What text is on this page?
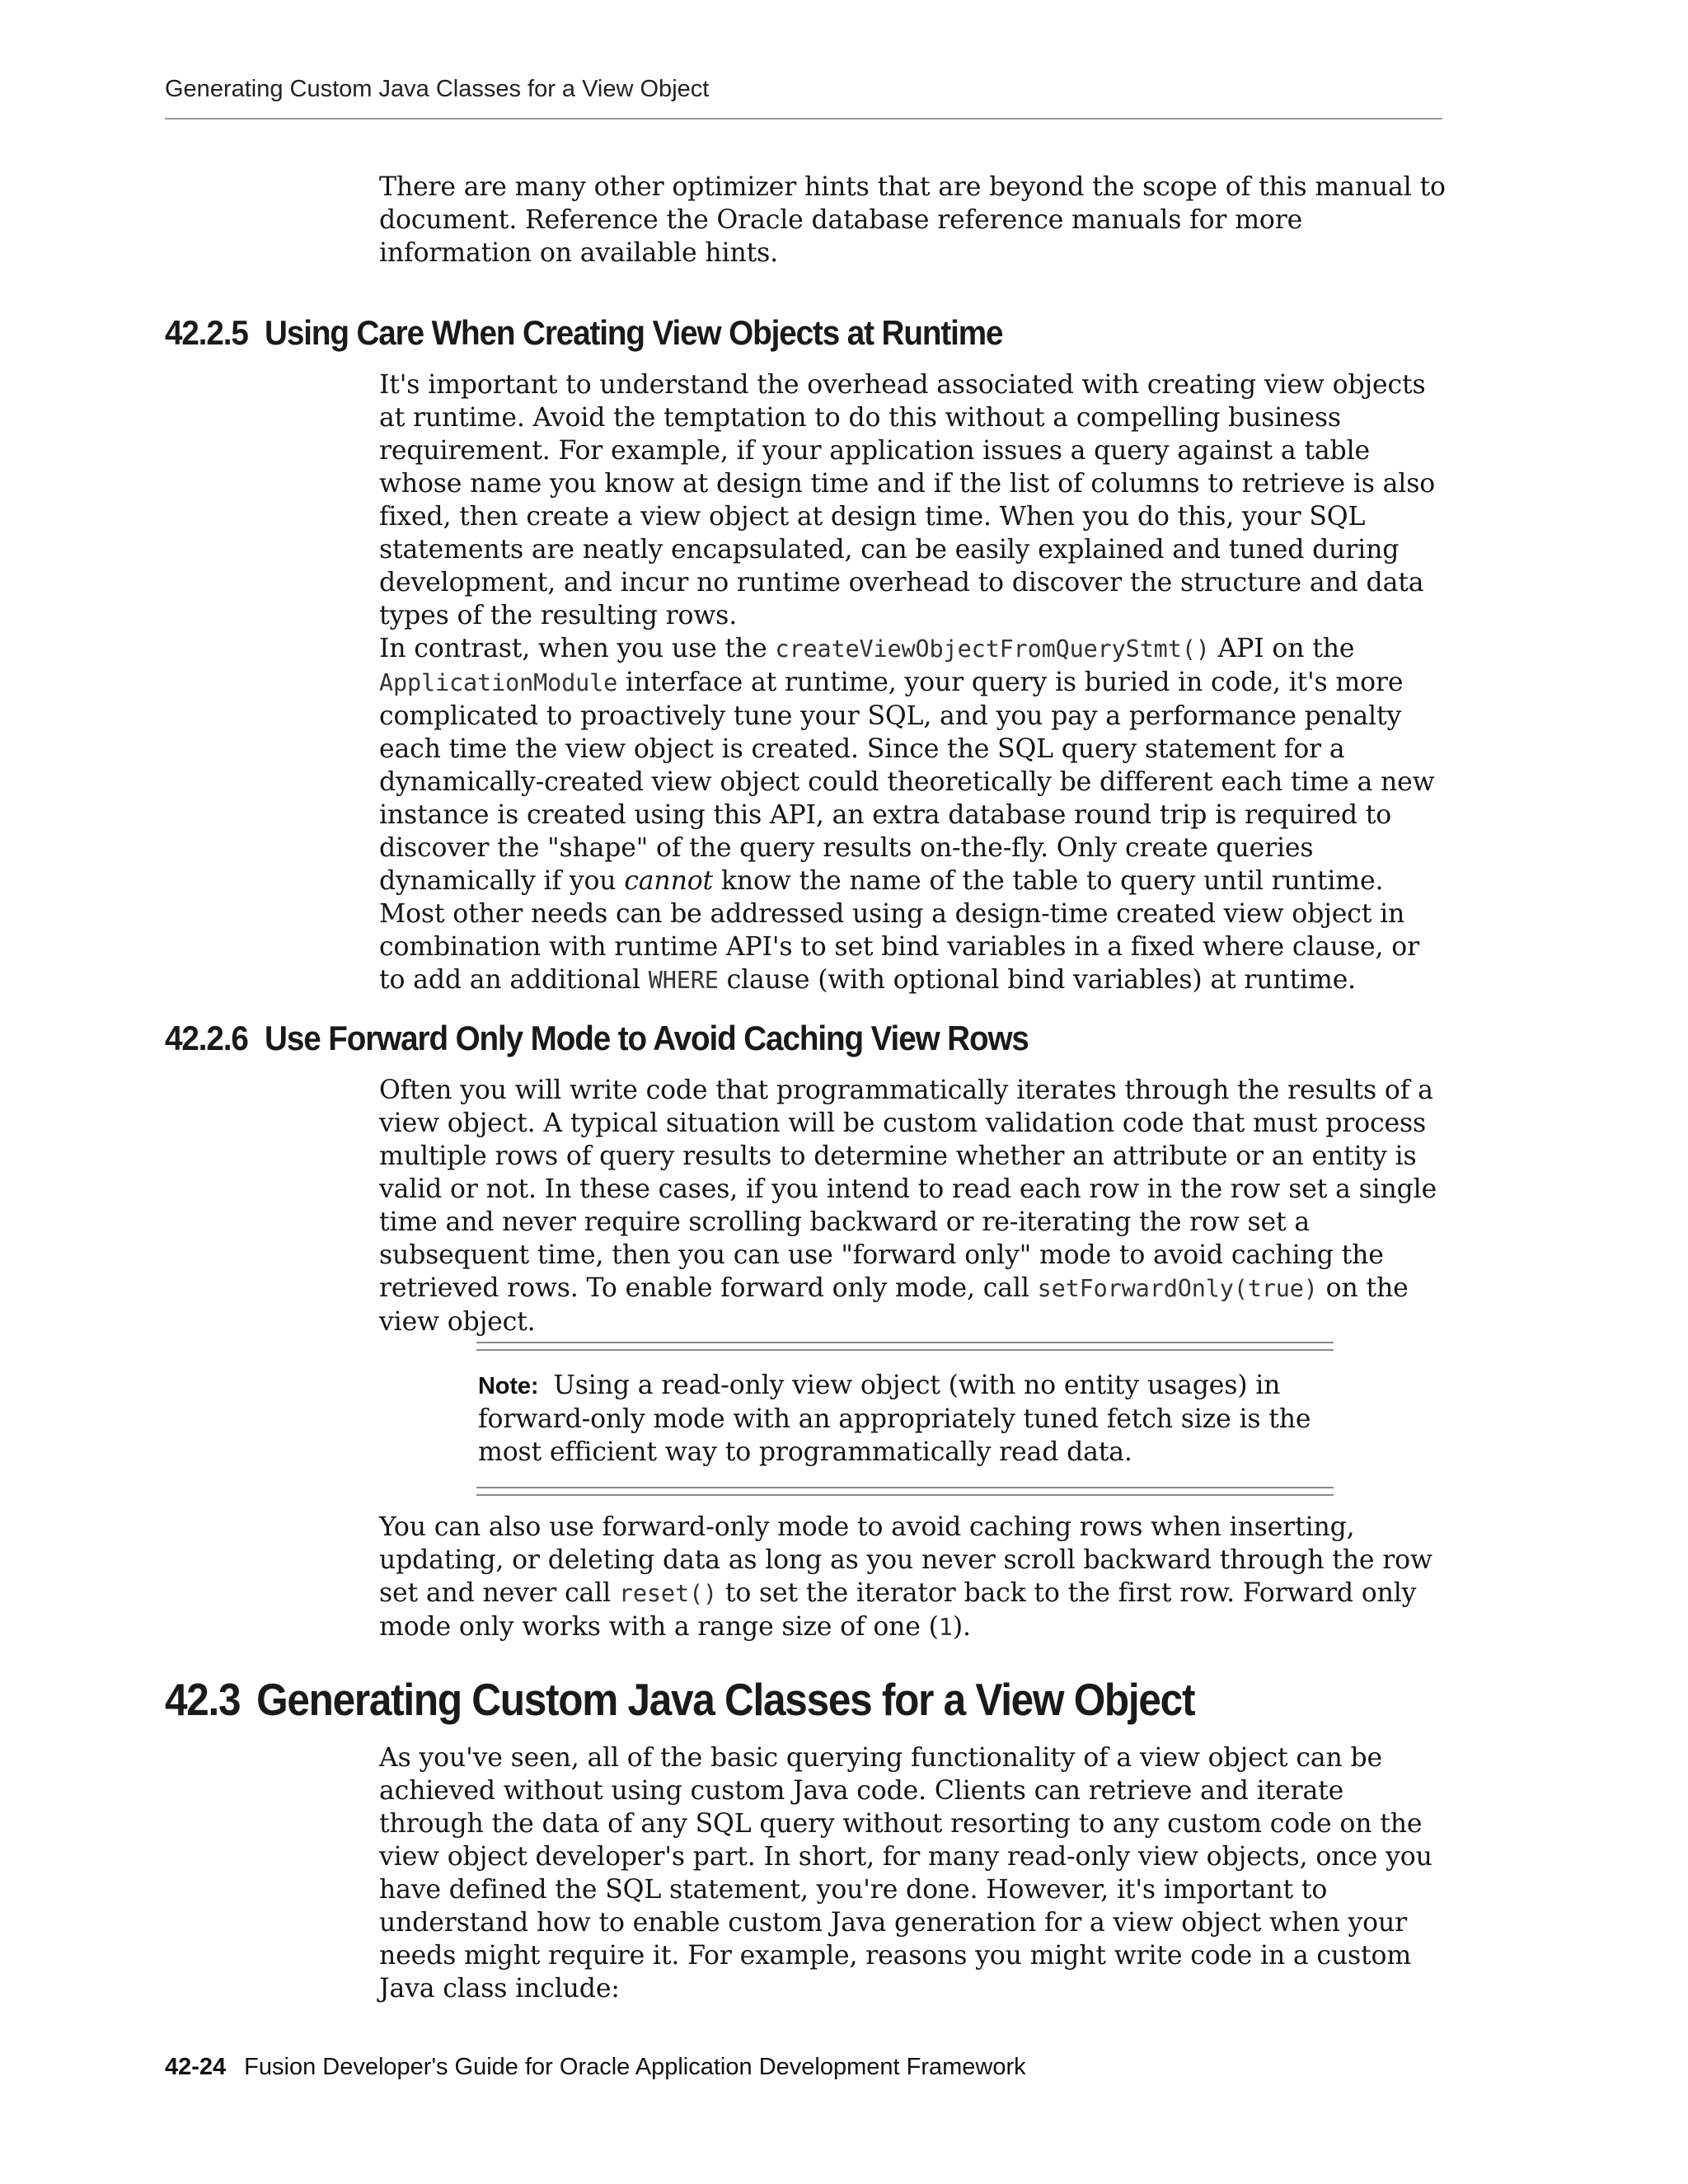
Generating Custom Java Classes for a View Object

There are many other optimizer hints that are beyond the scope of this manual to document. Reference the Oracle database reference manuals for more information on available hints.

42.2.5 Using Care When Creating View Objects at Runtime

It's important to understand the overhead associated with creating view objects at runtime. Avoid the temptation to do this without a compelling business requirement. For example, if your application issues a query against a table whose name you know at design time and if the list of columns to retrieve is also fixed, then create a view object at design time. When you do this, your SQL statements are neatly encapsulated, can be easily explained and tuned during development, and incur no runtime overhead to discover the structure and data types of the resulting rows.

In contrast, when you use the createViewObjectFromQueryStmt() API on the ApplicationModule interface at runtime, your query is buried in code, it's more complicated to proactively tune your SQL, and you pay a performance penalty each time the view object is created. Since the SQL query statement for a dynamically-created view object could theoretically be different each time a new instance is created using this API, an extra database round trip is required to discover the "shape" of the query results on-the-fly. Only create queries dynamically if you cannot know the name of the table to query until runtime. Most other needs can be addressed using a design-time created view object in combination with runtime API's to set bind variables in a fixed where clause, or to add an additional WHERE clause (with optional bind variables) at runtime.

42.2.6 Use Forward Only Mode to Avoid Caching View Rows

Often you will write code that programmatically iterates through the results of a view object. A typical situation will be custom validation code that must process multiple rows of query results to determine whether an attribute or an entity is valid or not. In these cases, if you intend to read each row in the row set a single time and never require scrolling backward or re-iterating the row set a subsequent time, then you can use "forward only" mode to avoid caching the retrieved rows. To enable forward only mode, call setForwardOnly(true) on the view object.

Note: Using a read-only view object (with no entity usages) in forward-only mode with an appropriately tuned fetch size is the most efficient way to programmatically read data.

You can also use forward-only mode to avoid caching rows when inserting, updating, or deleting data as long as you never scroll backward through the row set and never call reset() to set the iterator back to the first row. Forward only mode only works with a range size of one (1).

42.3 Generating Custom Java Classes for a View Object

As you've seen, all of the basic querying functionality of a view object can be achieved without using custom Java code. Clients can retrieve and iterate through the data of any SQL query without resorting to any custom code on the view object developer's part. In short, for many read-only view objects, once you have defined the SQL statement, you're done. However, it's important to understand how to enable custom Java generation for a view object when your needs might require it. For example, reasons you might write code in a custom Java class include:

42-24 Fusion Developer's Guide for Oracle Application Development Framework
